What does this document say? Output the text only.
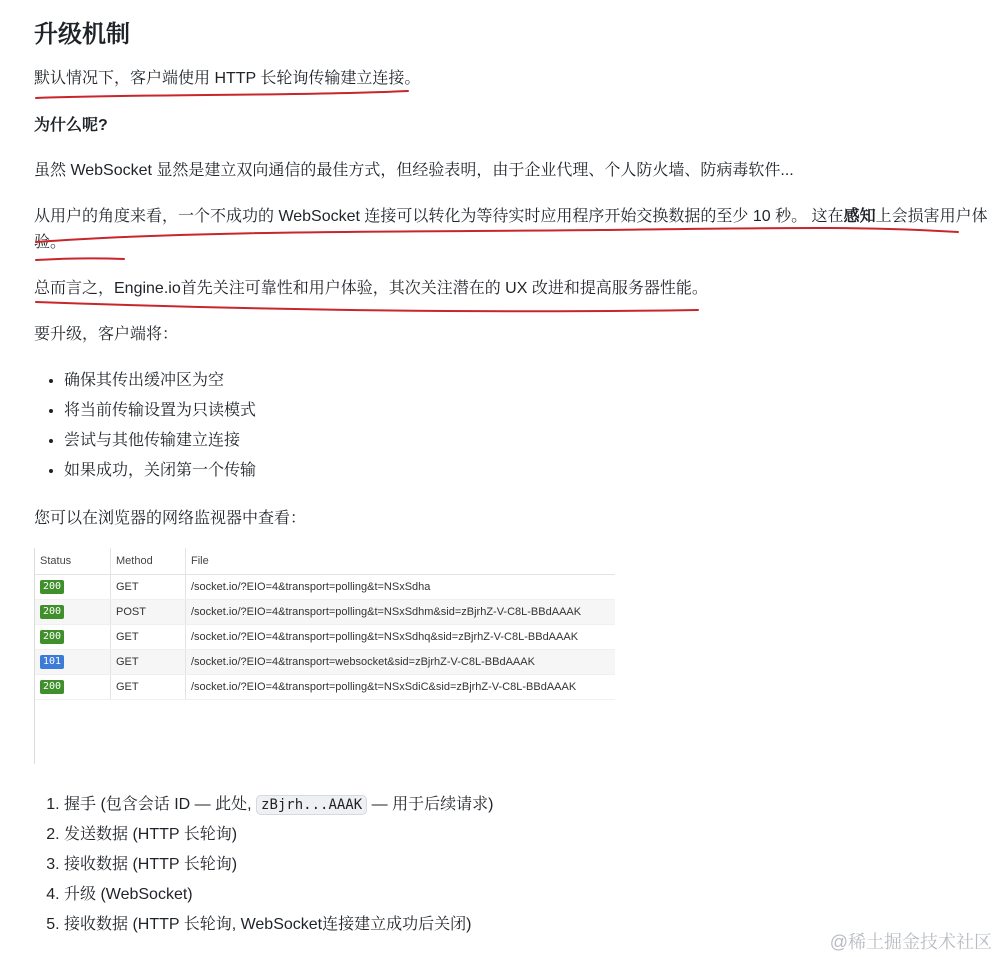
升级机制
默认情况下，客户端使用 HTTP 长轮询传输建立连接。
为什么呢?
虽然 WebSocket 显然是建立双向通信的最佳方式，但经验表明，由于企业代理、个人防火墙、防病毒软件...
从用户的角度来看，一个不成功的 WebSocket 连接可以转化为等待实时应用程序开始交换数据的至少 10 秒。 这在感知上会损害用户体
验。
总而言之，Engine.io首先关注可靠性和用户体验，其次关注潜在的 UX 改进和提高服务器性能。
要升级，客户端将：
• 确保其传出缓冲区为空
• 将当前传输设置为只读模式
• 尝试与其他传输建立连接
• 如果成功，关闭第一个传输
您可以在浏览器的网络监视器中查看：
Status	Method	File
200	GET	/socket.io/?EIO=4&transport=polling&t=NSxSdha
200	POST	/socket.io/?EIO=4&transport=polling&t=NSxSdhm&sid=zBjrhZ-V-C8L-BBdAAAK
200	GET	/socket.io/?EIO=4&transport=polling&t=NSxSdhq&sid=zBjrhZ-V-C8L-BBdAAAK
101	GET	/socket.io/?EIO=4&transport=websocket&sid=zBjrhZ-V-C8L-BBdAAAK
200	GET	/socket.io/?EIO=4&transport=polling&t=NSxSdiC&sid=zBjrhZ-V-C8L-BBdAAAK
1. 握手 (包含会话 ID — 此处, zBjrh...AAAK — 用于后续请求)
2. 发送数据 (HTTP 长轮询)
3. 接收数据 (HTTP 长轮询)
4. 升级 (WebSocket)
5. 接收数据 (HTTP 长轮询, WebSocket连接建立成功后关闭)
@稀土掘金技术社区
